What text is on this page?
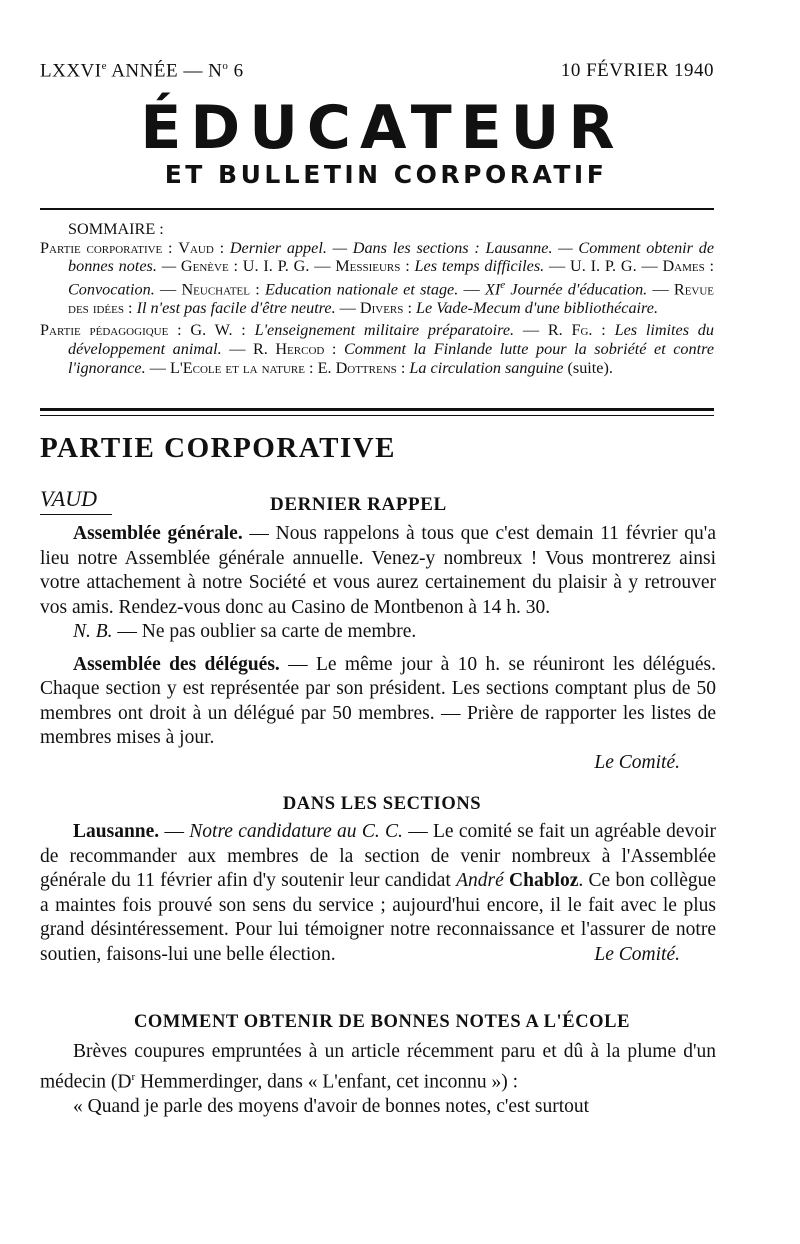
LXXVIe ANNÉE — $N^o$ 6	10 FÉVRIER 1940
ÉDUCATEUR
ET BULLETIN CORPORATIF

SOMMAIRE :

Partie corporative : Vaud : Dernier appel. — Dans les sections : Lausanne. — Comment obtenir de bonnes notes. — Genève : U. I. P. G. — Messieurs : Les temps difficiles. — U. I. P. G. — Dames : Convocation. — Neuchatel : Education nationale et stage. — XIe Journée d'éducation. — Revue des idées : Il n'est pas facile d'être neutre. — Divers : Le Vade-Mecum d'une bibliothécaire.

Partie pédagogique : G. W. : L'enseignement militaire préparatoire. — R. Fg. : Les limites du développement animal. — R. Hercod : Comment la Finlande lutte pour la sobriété et contre l'ignorance. — L'Ecole et la nature : E. Dottrens : La circulation sanguine (suite).

PARTIE CORPORATIVE
VAUD	DERNIER RAPPEL

Assemblée générale. — Nous rappelons à tous que c'est demain 11 février qu'a lieu notre Assemblée générale annuelle. Venez-y nombreux ! Vous montrerez ainsi votre attachement à notre Société et vous aurez certainement du plaisir à y retrouver vos amis. Rendez-vous donc au Casino de Montbenon à 14 h. 30.

N. B. — Ne pas oublier sa carte de membre.

Assemblée des délégués. — Le même jour à 10 h. se réuniront les délégués. Chaque section y est représentée par son président. Les sections comptant plus de 50 membres ont droit à un délégué par 50 membres. — Prière de rapporter les listes de membres mises à jour.

Le Comité.

DANS LES SECTIONS

Lausanne. — Notre candidature au C. C. — Le comité se fait un agréable devoir de recommander aux membres de la section de venir nombreux à l'Assemblée générale du 11 février afin d'y soutenir leur candidat André Chabloz. Ce bon collègue a maintes fois prouvé son sens du service ; aujourd'hui encore, il le fait avec le plus grand désintéressement. Pour lui témoigner notre reconnaissance et l'assurer de notre soutien, faisons-lui une belle élection.	Le Comité.

COMMENT OBTENIR DE BONNES NOTES A L'ÉCOLE

Brèves coupures empruntées à un article récemment paru et dû à la plume d'un médecin ($D^r$ Hemmerdinger, dans « L'enfant, cet inconnu ») :

« Quand je parle des moyens d'avoir de bonnes notes, c'est surtout
